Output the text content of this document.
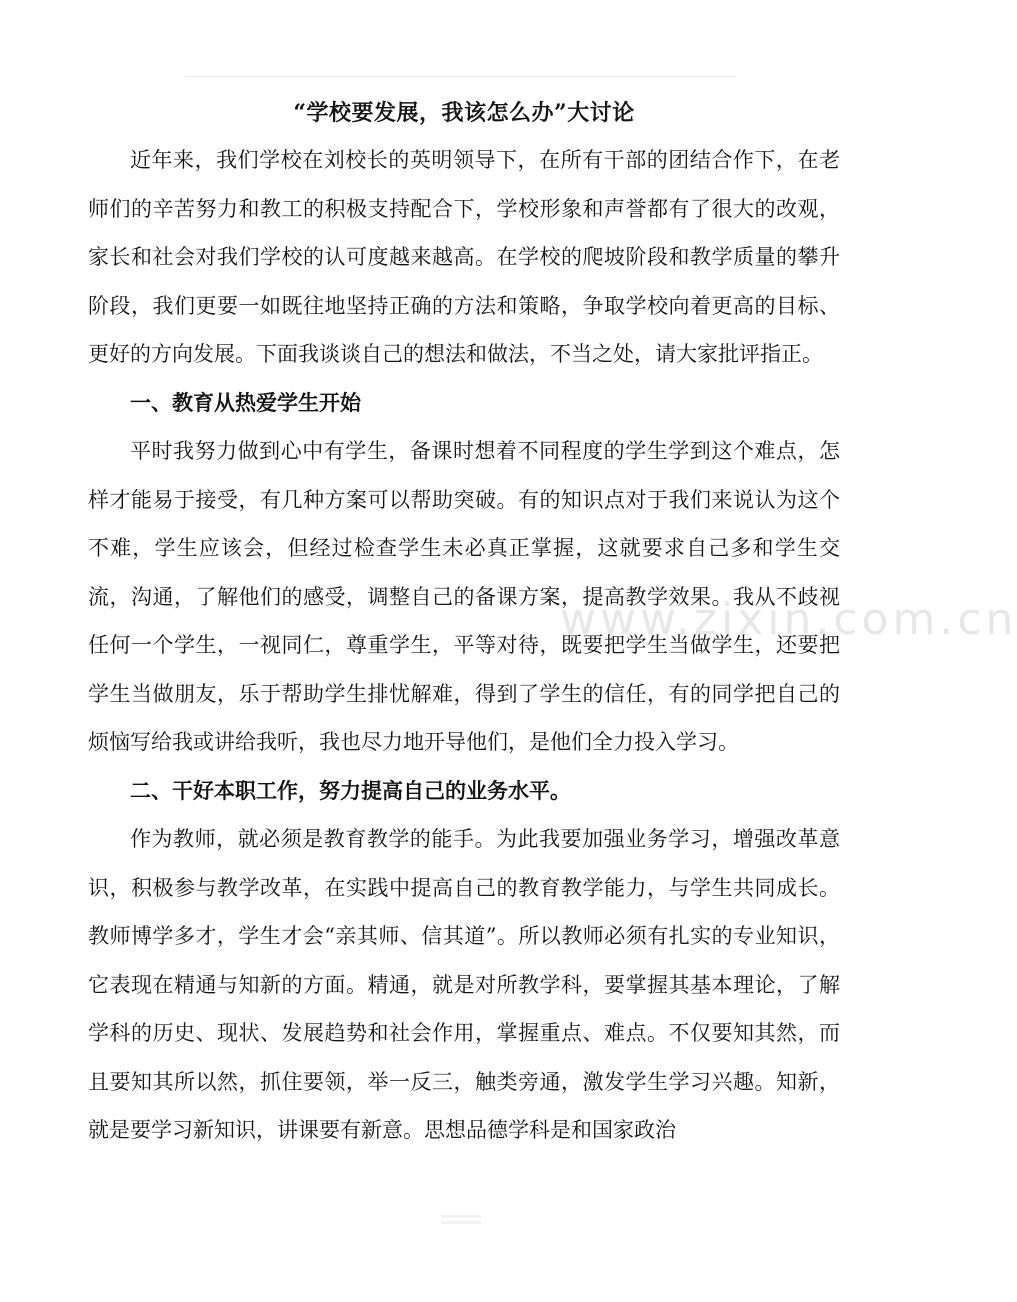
www.zixin.com.cn
“学校要发展，我该怎么办”大讨论

近年来，我们学校在刘校长的英明领导下，在所有干部的团结合作下，在老师们的辛苦努力和教工的积极支持配合下，学校形象和声誉都有了很大的改观，家长和社会对我们学校的认可度越来越高。在学校的爬坡阶段和教学质量的攀升阶段，我们更要一如既往地坚持正确的方法和策略，争取学校向着更高的目标、更好的方向发展。下面我谈谈自己的想法和做法，不当之处，请大家批评指正。

一、教育从热爱学生开始

平时我努力做到心中有学生，备课时想着不同程度的学生学到这个难点，怎样才能易于接受，有几种方案可以帮助突破。有的知识点对于我们来说认为这个不难，学生应该会，但经过检查学生未必真正掌握，这就要求自己多和学生交流，沟通，了解他们的感受，调整自己的备课方案，提高教学效果。我从不歧视任何一个学生，一视同仁，尊重学生，平等对待，既要把学生当做学生，还要把学生当做朋友，乐于帮助学生排忧解难，得到了学生的信任，有的同学把自己的烦恼写给我或讲给我听，我也尽力地开导他们，是他们全力投入学习。

二、干好本职工作，努力提高自己的业务水平。

作为教师，就必须是教育教学的能手。为此我要加强业务学习，增强改革意识，积极参与教学改革，在实践中提高自己的教育教学能力，与学生共同成长。教师博学多才，学生才会“亲其师、信其道”。所以教师必须有扎实的专业知识，它表现在精通与知新的方面。精通，就是对所教学科，要掌握其基本理论，了解学科的历史、现状、发展趋势和社会作用，掌握重点、难点。不仅要知其然，而且要知其所以然，抓住要领，举一反三，触类旁通，激发学生学习兴趣。知新，就是要学习新知识，讲课要有新意。思想品德学科是和国家政治
